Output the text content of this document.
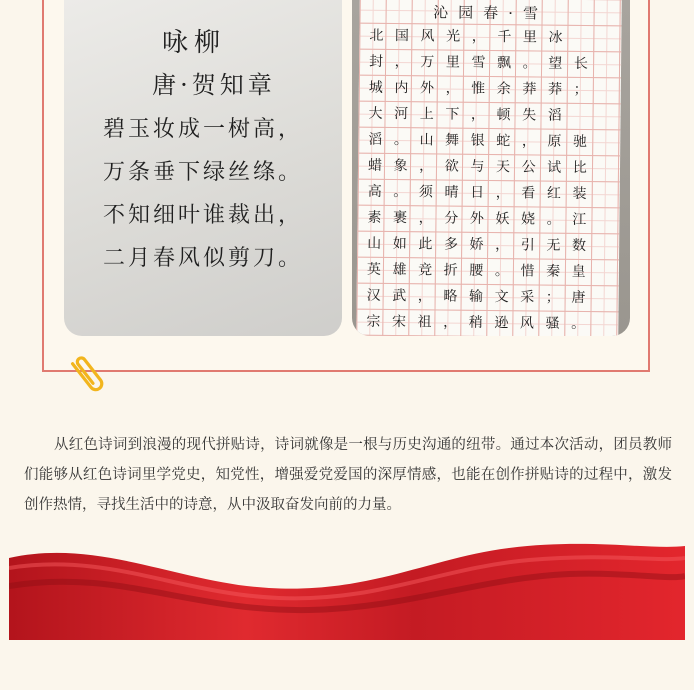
咏柳
唐·贺知章
碧玉妆成一树高，
万条垂下绿丝绦。
不知细叶谁裁出，
二月春风似剪刀。
沁园春·雪
北国风光，千里冰封，万里雪飘。望长城内外，惟余莽莽；大河上下，顿失滔滔。山舞银蛇，原驰蜡象，欲与天公试比高。须晴日，看红装素裹，分外妖娆。江山如此多娇，引无数英雄竞折腰。惜秦皇汉武，略输文采；唐宗宋祖，稍逊风骚。

从红色诗词到浪漫的现代拼贴诗，诗词就像是一根与历史沟通的纽带。通过本次活动，团员教师们能够从红色诗词里学党史，知党性，增强爱党爱国的深厚情感，也能在创作拼贴诗的过程中，激发创作热情，寻找生活中的诗意，从中汲取奋发向前的力量。
